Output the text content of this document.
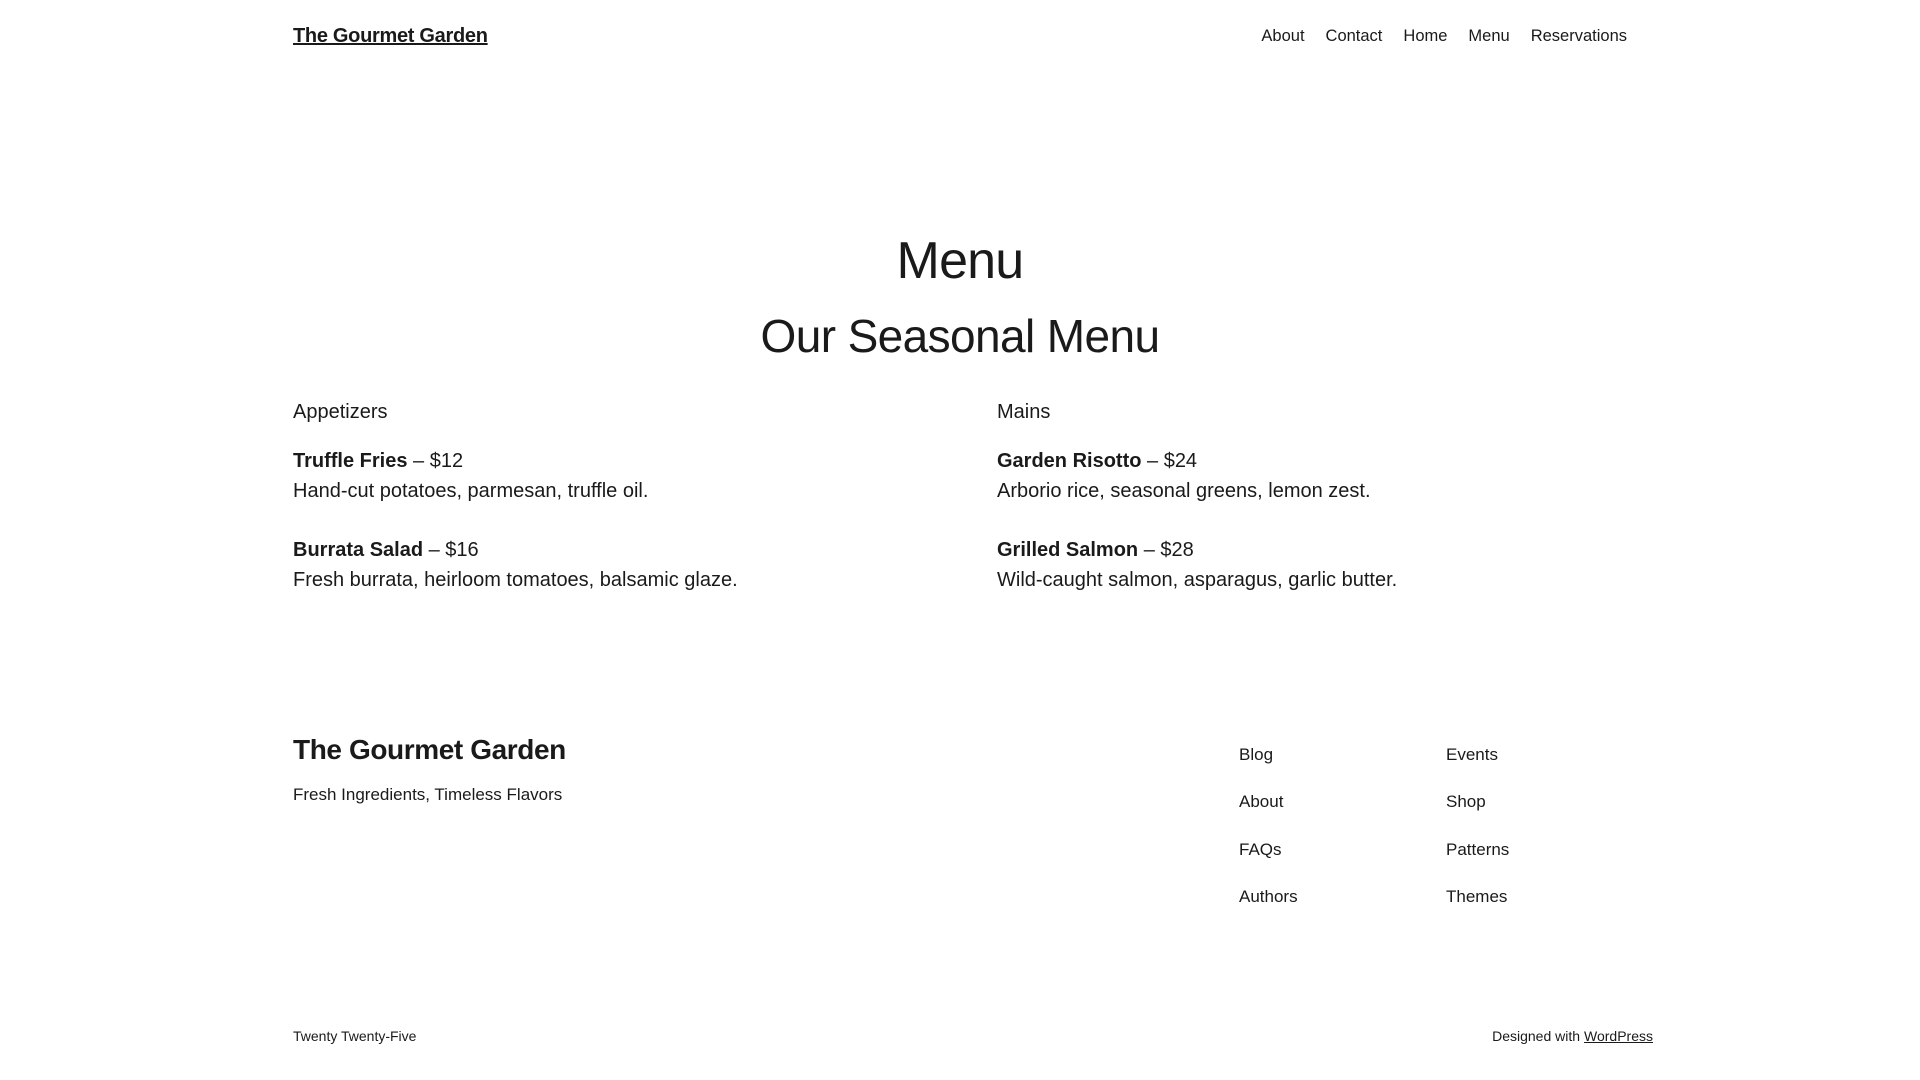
The Gourmet Garden	About Contact Home Menu Reservations
Menu
Our Seasonal Menu
Appetizers
Truffle Fries – $12
Hand-cut potatoes, parmesan, truffle oil.
Burrata Salad – $16
Fresh burrata, heirloom tomatoes, balsamic glaze.
Mains
Garden Risotto – $24
Arborio rice, seasonal greens, lemon zest.
Grilled Salmon – $28
Wild-caught salmon, asparagus, garlic butter.
The Gourmet Garden
Fresh Ingredients, Timeless Flavors
Blog
About
FAQs
Authors
Events
Shop
Patterns
Themes
Twenty Twenty-Five	Designed with WordPress
